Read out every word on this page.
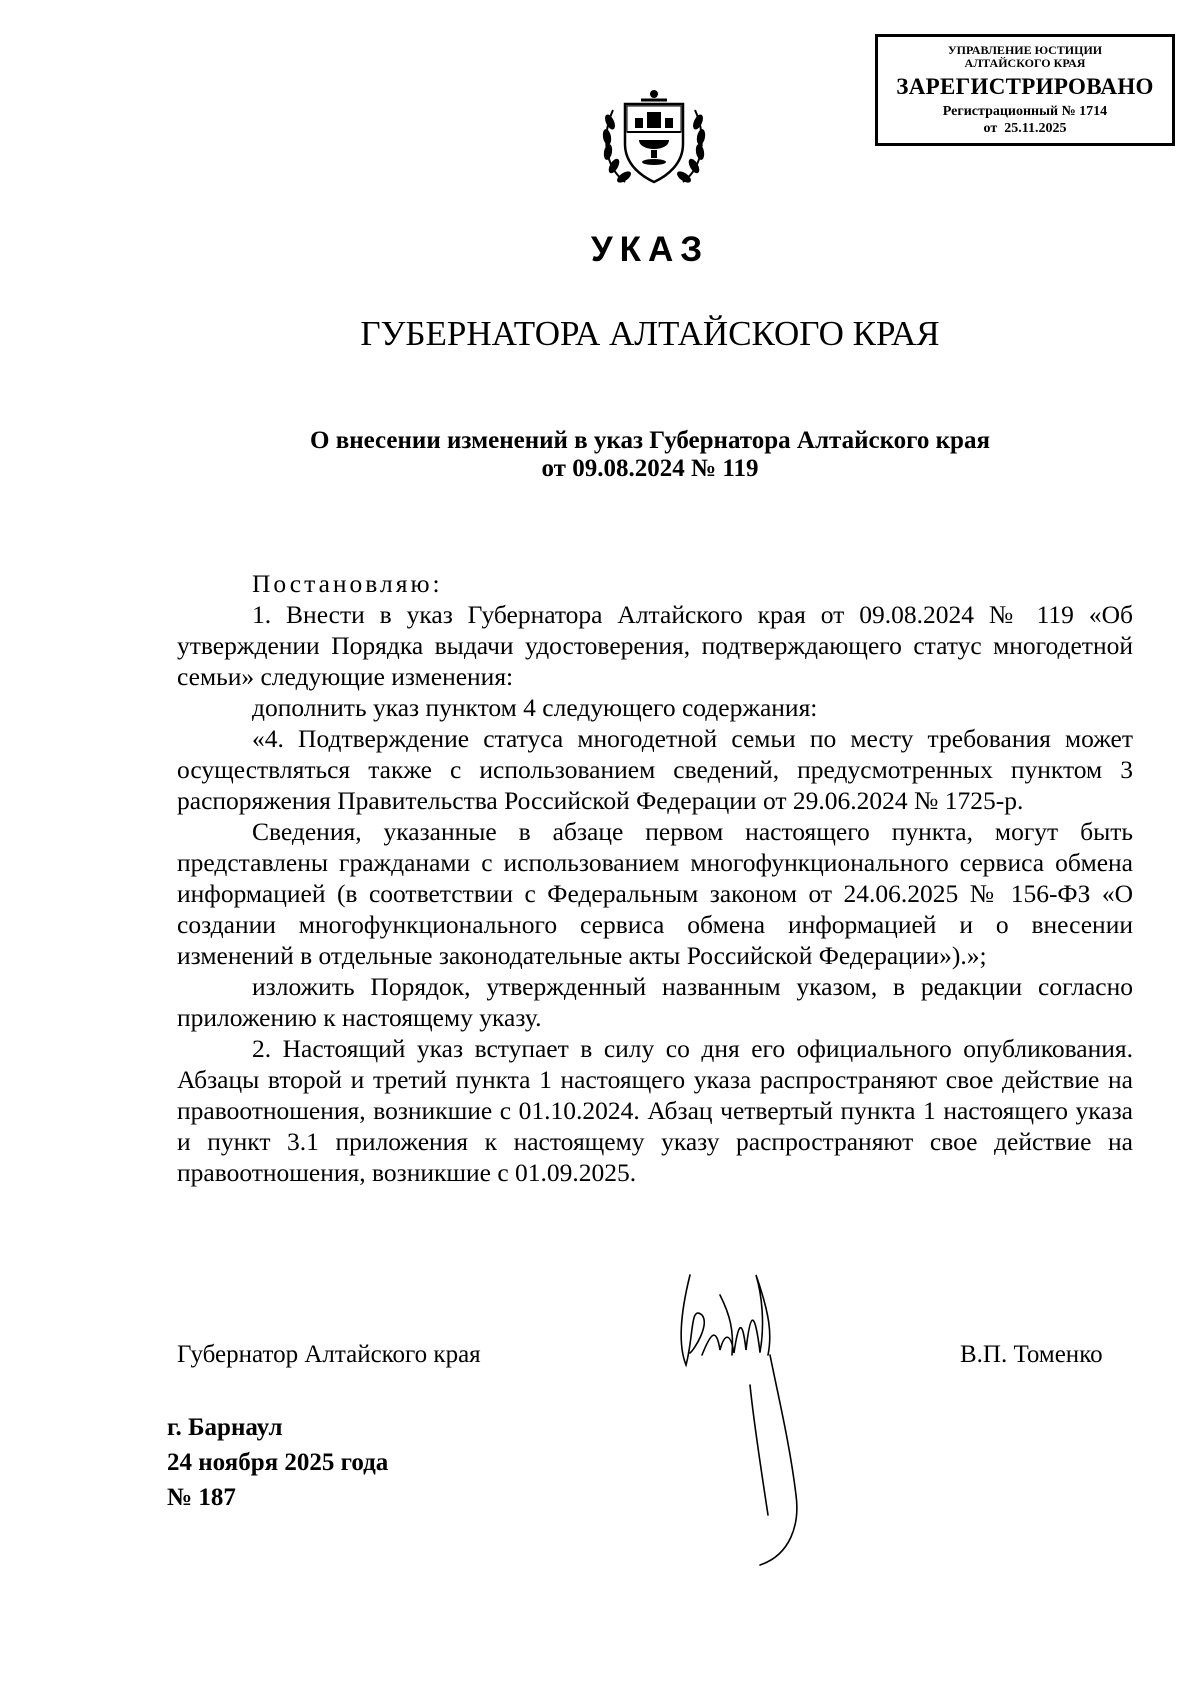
УПРАВЛЕНИЕ ЮСТИЦИИ
АЛТАЙСКОГО КРАЯ
ЗАРЕГИСТРИРОВАНО
Регистрационный № 1714
от  25.11.2025
УКАЗ
ГУБЕРНАТОРА АЛТАЙСКОГО КРАЯ
О внесении изменений в указ Губернатора Алтайского края
от 09.08.2024 № 119

Постановляю:

1. Внести в указ Губернатора Алтайского края от 09.08.2024 № 119 «Об утверждении Порядка выдачи удостоверения, подтверждающего статус многодетной семьи» следующие изменения:

дополнить указ пунктом 4 следующего содержания:

«4. Подтверждение статуса многодетной семьи по месту требования может осуществляться также с использованием сведений, предусмотренных пунктом 3 распоряжения Правительства Российской Федерации от 29.06.2024 № 1725-р.

Сведения, указанные в абзаце первом настоящего пункта, могут быть представлены гражданами с использованием многофункционального сервиса обмена информацией (в соответствии с Федеральным законом от 24.06.2025 № 156-ФЗ «О создании многофункционального сервиса обмена информацией и о внесении изменений в отдельные законодательные акты Российской Федерации»).»;

изложить Порядок, утвержденный названным указом, в редакции согласно приложению к настоящему указу.

2. Настоящий указ вступает в силу со дня его официального опубликования. Абзацы второй и третий пункта 1 настоящего указа распространяют свое действие на правоотношения, возникшие с 01.10.2024. Абзац четвертый пункта 1 настоящего указа и пункт 3.1 приложения к настоящему указу распространяют свое действие на правоотношения, возникшие с 01.09.2025.

Губернатор Алтайского края	В.П. Томенко
г. Барнаул
24 ноября 2025 года
№ 187
